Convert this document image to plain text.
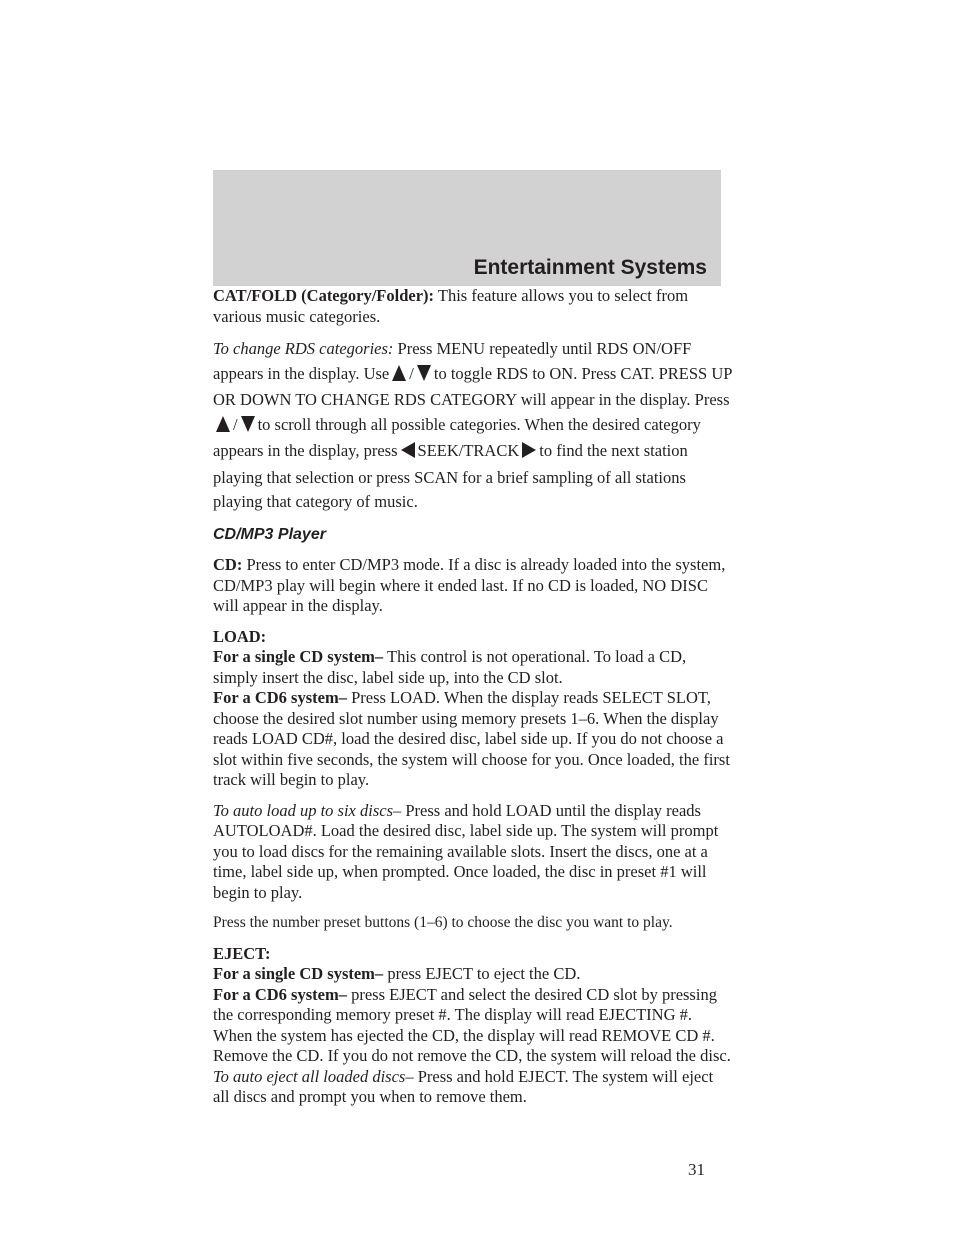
Entertainment Systems

CAT/FOLD (Category/Folder): This feature allows you to select from various music categories.

To change RDS categories: Press MENU repeatedly until RDS ON/OFF appears in the display. Use / to toggle RDS to ON. Press CAT. PRESS UP OR DOWN TO CHANGE RDS CATEGORY will appear in the display. Press/ to scroll through all possible categories. When the desired category appears in the display, press SEEK/TRACK to find the next station playing that selection or press SCAN for a brief sampling of all stations playing that category of music.

CD/MP3 Player

CD: Press to enter CD/MP3 mode. If a disc is already loaded into the system, CD/MP3 play will begin where it ended last. If no CD is loaded, NO DISC will appear in the display.

LOAD:

For a single CD system– This control is not operational. To load a CD, simply insert the disc, label side up, into the CD slot.

For a CD6 system– Press LOAD. When the display reads SELECT SLOT, choose the desired slot number using memory presets 1–6. When the display reads LOAD CD#, load the desired disc, label side up. If you do not choose a slot within five seconds, the system will choose for you. Once loaded, the first track will begin to play.

To auto load up to six discs– Press and hold LOAD until the display reads AUTOLOAD#. Load the desired disc, label side up. The system will prompt you to load discs for the remaining available slots. Insert the discs, one at a time, label side up, when prompted. Once loaded, the disc in preset #1 will begin to play.

Press the number preset buttons (1–6) to choose the disc you want to play.

EJECT:

For a single CD system– press EJECT to eject the CD.

For a CD6 system– press EJECT and select the desired CD slot by pressing the corresponding memory preset #. The display will read EJECTING #. When the system has ejected the CD, the display will read REMOVE CD #. Remove the CD. If you do not remove the CD, the system will reload the disc.

To auto eject all loaded discs– Press and hold EJECT. The system will eject all discs and prompt you when to remove them.

31
